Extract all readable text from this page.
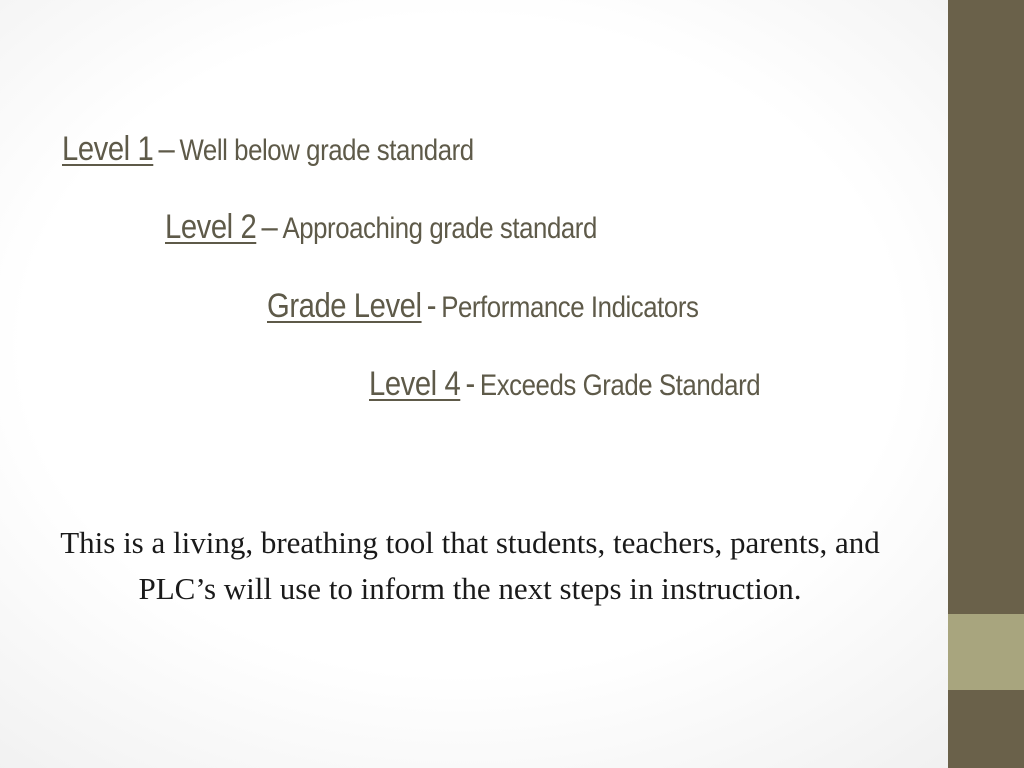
Level 1 – Well below grade standard
Level 2 – Approaching grade standard
Grade Level - Performance Indicators
Level 4 - Exceeds Grade Standard
This is a living, breathing tool that students, teachers, parents, and PLC’s will use to inform the next steps in instruction.
